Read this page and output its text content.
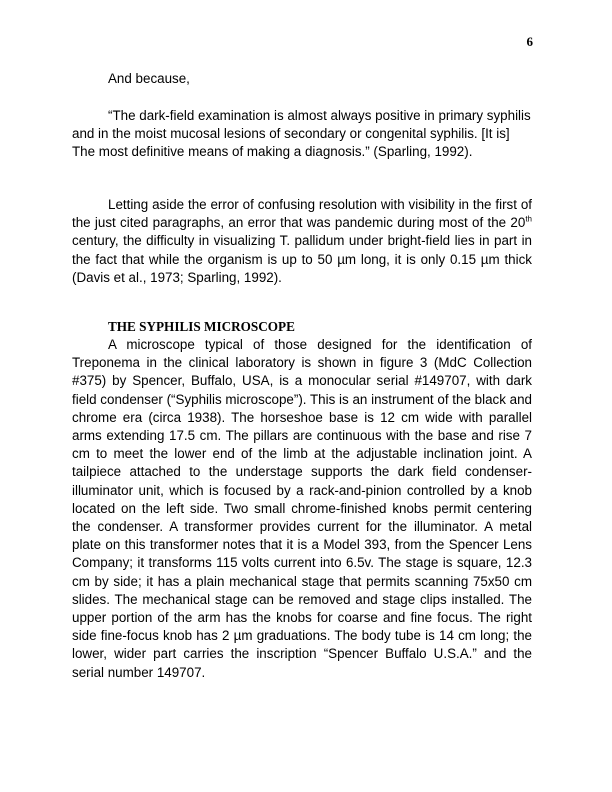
6

And because,

“The dark-field examination is almost always positive in primary syphilis and in the moist mucosal lesions of secondary or congenital syphilis. [It is] The most definitive means of making a diagnosis.” (Sparling, 1992).

Letting aside the error of confusing resolution with visibility in the first of the just cited paragraphs, an error that was pandemic during most of the 20th century, the difficulty in visualizing T. pallidum under bright-field lies in part in the fact that while the organism is up to 50 µm long, it is only 0.15 µm thick (Davis et al., 1973; Sparling, 1992).

THE SYPHILIS MICROSCOPE

A microscope typical of those designed for the identification of Treponema in the clinical laboratory is shown in figure 3 (MdC Collection #375) by Spencer, Buffalo, USA, is a monocular serial #149707, with dark field condenser (“Syphilis microscope”). This is an instrument of the black and chrome era (circa 1938). The horseshoe base is 12 cm wide with parallel arms extending 17.5 cm. The pillars are continuous with the base and rise 7 cm to meet the lower end of the limb at the adjustable inclination joint. A tailpiece attached to the understage supports the dark field condenser-illuminator unit, which is focused by a rack-and-pinion controlled by a knob located on the left side. Two small chrome-finished knobs permit centering the condenser. A transformer provides current for the illuminator. A metal plate on this transformer notes that it is a Model 393, from the Spencer Lens Company; it transforms 115 volts current into 6.5v. The stage is square, 12.3 cm by side; it has a plain mechanical stage that permits scanning 75x50 cm slides. The mechanical stage can be removed and stage clips installed. The upper portion of the arm has the knobs for coarse and fine focus. The right side fine-focus knob has 2 µm graduations. The body tube is 14 cm long; the lower, wider part carries the inscription “Spencer Buffalo U.S.A.” and the serial number 149707.
